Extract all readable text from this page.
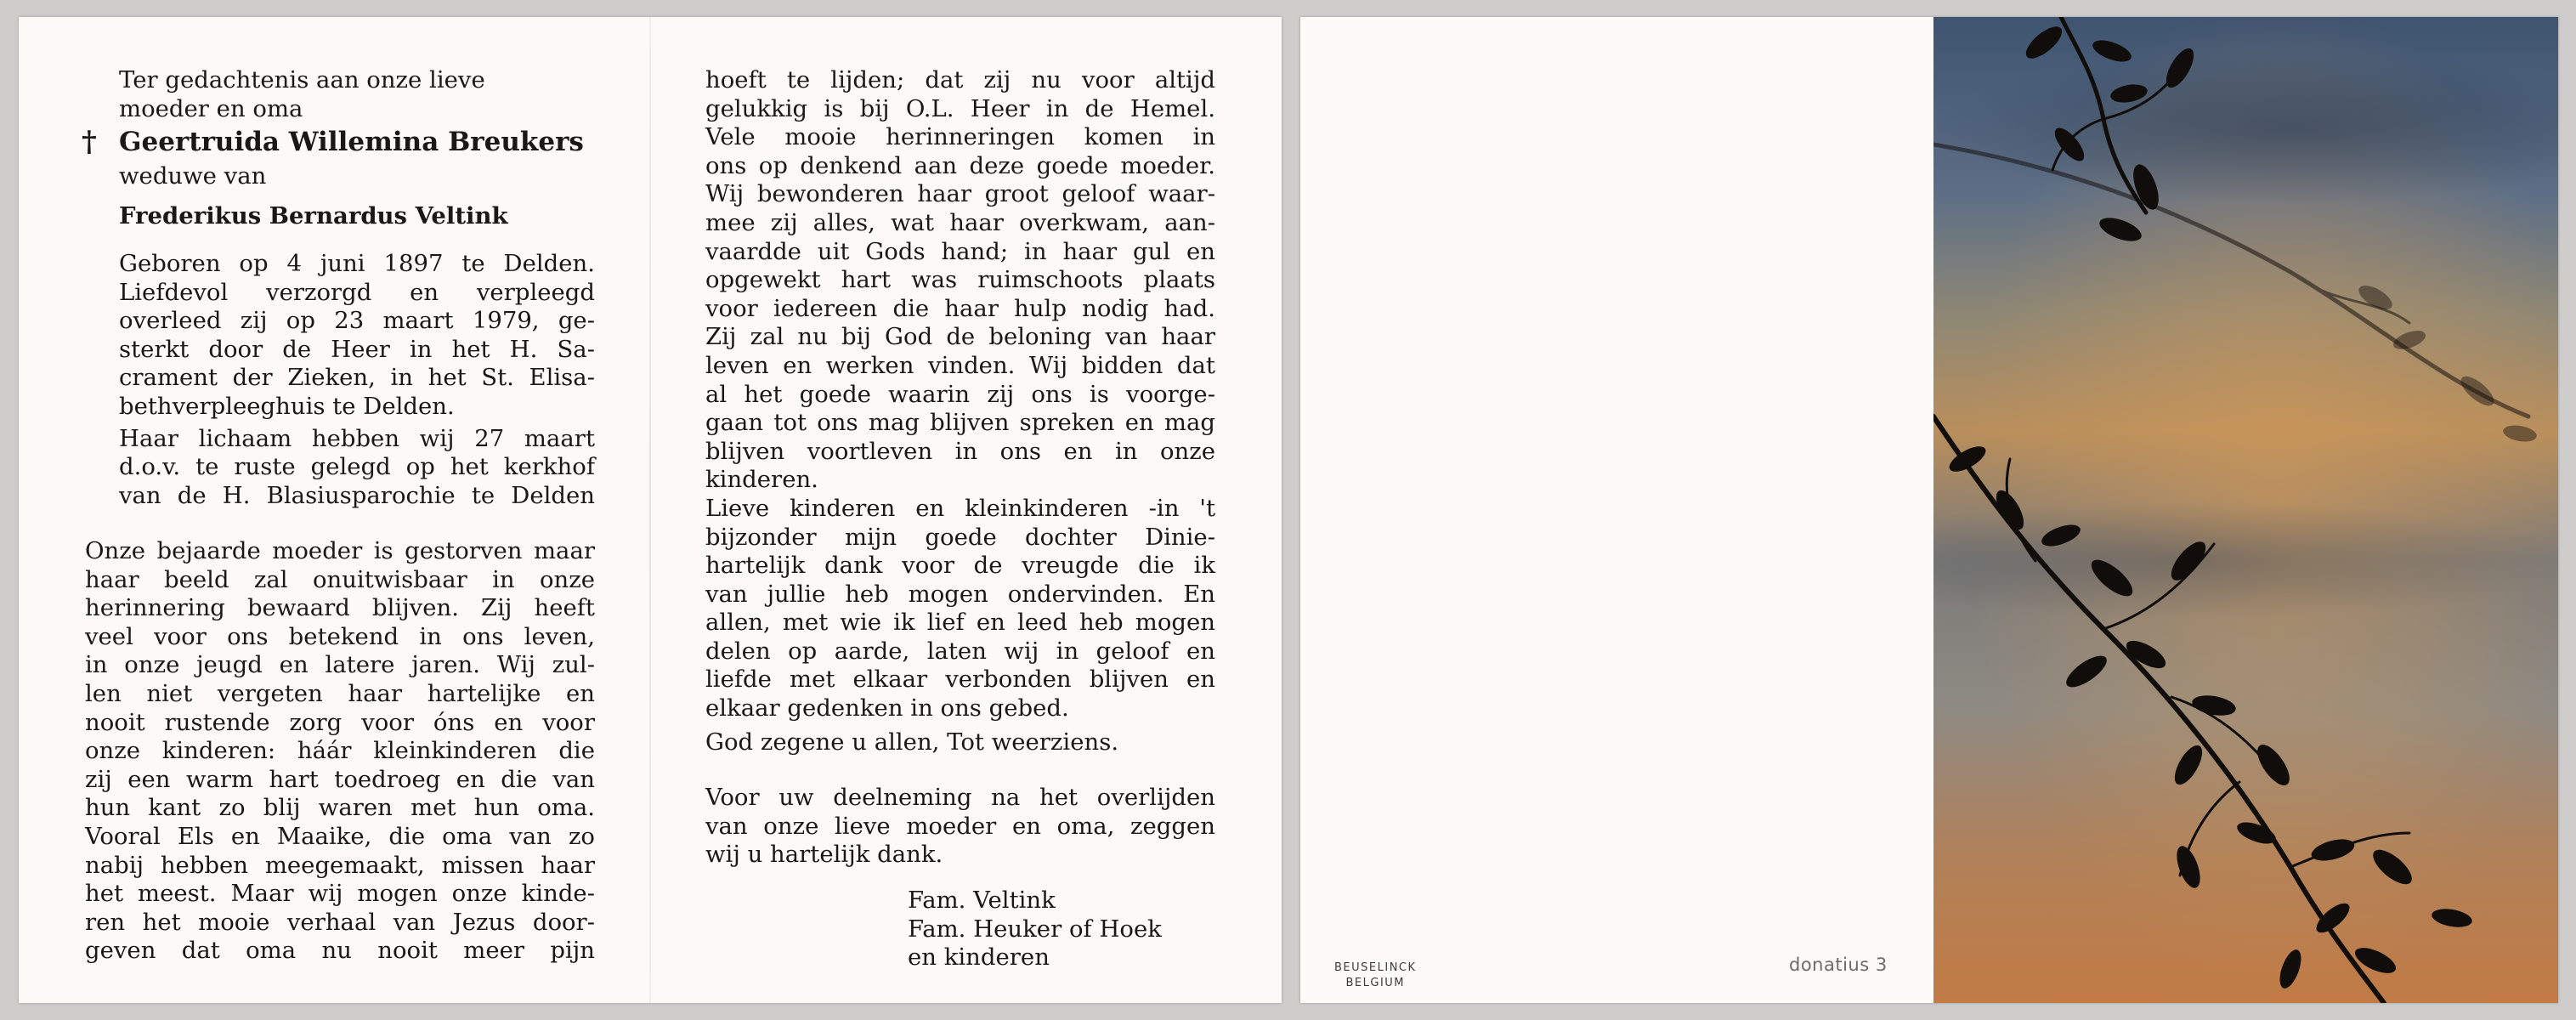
Ter gedachtenis aan onze lieve
moeder en oma
† Geertruida Willemina Breukers
weduwe van
Frederikus Bernardus Veltink
Geboren op 4 juni 1897 te Delden.
Liefdevol verzorgd en verpleegd
overleed zij op 23 maart 1979, ge-
sterkt door de Heer in het H. Sa-
crament der Zieken, in het St. Elisa-
bethverpleeghuis te Delden.
Haar lichaam hebben wij 27 maart
d.o.v. te ruste gelegd op het kerkhof
van de H. Blasiusparochie te Delden
Onze bejaarde moeder is gestorven maar
haar beeld zal onuitwisbaar in onze
herinnering bewaard blijven. Zij heeft
veel voor ons betekend in ons leven,
in onze jeugd en latere jaren. Wij zul-
len niet vergeten haar hartelijke en
nooit rustende zorg voor óns en voor
onze kinderen: háár kleinkinderen die
zij een warm hart toedroeg en die van
hun kant zo blij waren met hun oma.
Vooral Els en Maaike, die oma van zo
nabij hebben meegemaakt, missen haar
het meest. Maar wij mogen onze kinde-
ren het mooie verhaal van Jezus door-
geven dat oma nu nooit meer pijn
hoeft te lijden; dat zij nu voor altijd
gelukkig is bij O.L. Heer in de Hemel.
Vele mooie herinneringen komen in
ons op denkend aan deze goede moeder.
Wij bewonderen haar groot geloof waar-
mee zij alles, wat haar overkwam, aan-
vaardde uit Gods hand; in haar gul en
opgewekt hart was ruimschoots plaats
voor iedereen die haar hulp nodig had.
Zij zal nu bij God de beloning van haar
leven en werken vinden. Wij bidden dat
al het goede waarin zij ons is voorge-
gaan tot ons mag blijven spreken en mag
blijven voortleven in ons en in onze
kinderen.
Lieve kinderen en kleinkinderen -in 't
bijzonder mijn goede dochter Dinie-
hartelijk dank voor de vreugde die ik
van jullie heb mogen ondervinden. En
allen, met wie ik lief en leed heb mogen
delen op aarde, laten wij in geloof en
liefde met elkaar verbonden blijven en
elkaar gedenken in ons gebed.
God zegene u allen, Tot weerziens.
Voor uw deelneming na het overlijden
van onze lieve moeder en oma, zeggen
wij u hartelijk dank.
Fam. Veltink
Fam. Heuker of Hoek
en kinderen	BEUSELINCK
BELGIUM
donatius 3
